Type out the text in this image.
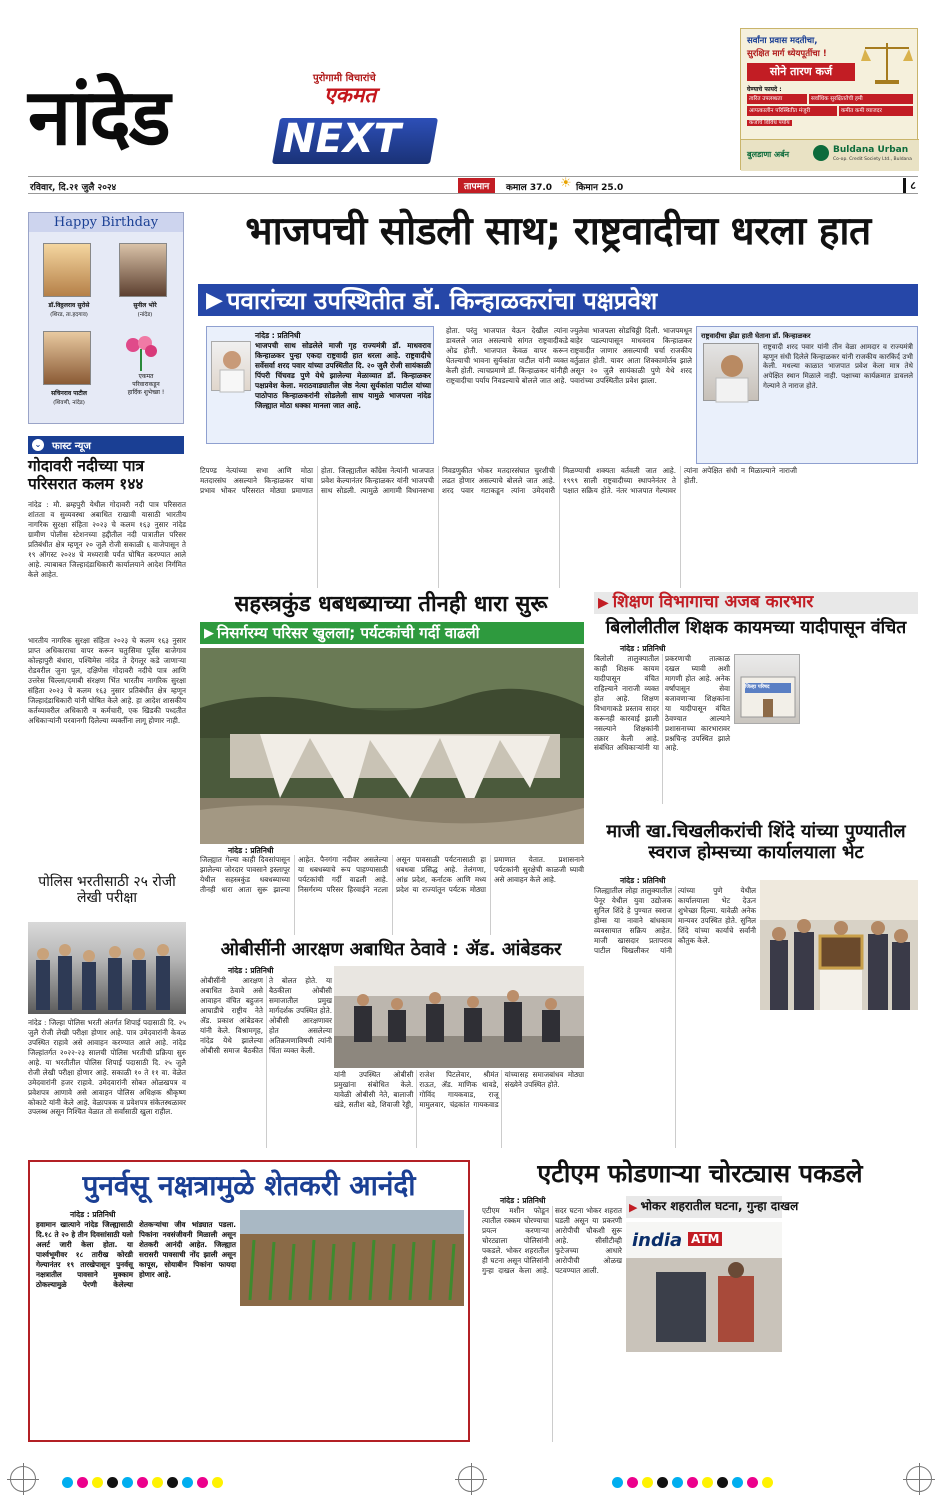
नांदेड	NEXT
पुरोगामी विचारांचे
एकमत
सर्वांना प्रवास मदतीचा,
सुरक्षित मार्ग ध्येयपूर्तीचा !
सोने तारण कर्ज
घेण्याचे फायदे :
त्वरित उपलब्धता	सर्वाधिक सुरक्षिततेची हमी
आपत्कालीन परिस्थितीत मंजुरी	कमीत कमी व्याजदर
कर्जाचे विविध पर्याय
बुलडाणा अर्बन	Buldana Urban
Co-op. Credit Society Ltd., Buldana
रविवार, दि.२१ जुलै २०२४	तापमान	कमाल 37.0 ☀ किमान 25.0	८
Happy Birthday
डॉ.विठ्ठलराव सुरोसे
(शिरड, ता.हदगाव)
सुनील भोरे
(नांदेड)
सचिनराव पाटील
(शिवणी, नांदेड)
एकमत
परिवाराकडून
हार्दिक शुभेच्छा !
⌄ फास्ट न्यूज
गोदावरी नदीच्या पात्र परिसरात कलम १४४
नांदेड : मौ. ब्रम्हपुरी येथील गोदावरी नदी पात्र परिसरात शांतता व सुव्यवस्था अबाधित राखावी यासाठी भारतीय नागरिक सुरक्षा संहिता २०२३ चे कलम १६३ नुसार नांदेड ग्रामीण पोलीस स्टेशनच्या हद्दीतील नदी पात्रातील परिसर प्रतिबंधीत क्षेत्र म्हणून २० जुलै रोजी सकाळी ६ वाजेपासून ते १९ ऑगस्ट २०२४ चे मध्यरात्री पर्यंत घोषित करण्यात आले आहे. त्याबाबत जिल्हादंडाधिकारी कार्यालयाने आदेश निर्गमित केले आहेत.
भारतीय नागरिक सुरक्षा संहिता २०२३ चे कलम १६३ नुसार प्राप्त अधिकाराचा वापर करून चतुःसिमा पूर्वेस बाजेगाव कोल्हापुरी बंधारा, पश्चिमेस नांदेड ते देगलूर कडे जाणाऱ्या रोडवरील जुना पूल, दक्षिणेस गोदावरी नदीचे पात्र आणि उत्तरेस चिल्ला/दमाबी संरक्षण भिंत भारतीय नागरिक सुरक्षा संहिता २०२३ चे कलम १६३ नुसार प्रतिबंधीत क्षेत्र म्हणून जिल्हादंडाधिकारी यांनी घोषित केले आहे. हा आदेश शासकीय कर्तव्यावरील अधिकारी व कर्मचारी, एक खिडकी पध्दतीत अधिकाऱ्यांनी परवानगी दिलेल्या व्यक्तींना लागू होणार नाही.
पोलिस भरतीसाठी २५ रोजी लेखी परीक्षा
नांदेड : जिल्हा पोलिस भरती अंतर्गत शिपाई पदासाठी दि. २५ जुलै रोजी लेखी परीक्षा होणार आहे. पात्र उमेदवारांनी केवळ उपस्थित राहावे असे आवाहन करण्यात आले आहे. नांदेड जिल्हांतर्गत २०२२-२३ सालची पोलिस भरतीची प्रक्रिया सुरु आहे. या भरतीतील पोलिस शिपाई पदासाठी दि. २५ जुलै रोजी लेखी परीक्षा होणार आहे. सकाळी १० ते ११ वा. वेळेत उमेदवारांनी हजर राहावे. उमेदवारांनी सोबत ओळखपत्र व प्रवेशपत्र आणावे असे आवाहन पोलिस अधिक्षक श्रीकृष्ण कोकाटे यांनी केले आहे. वेळापत्रक व प्रवेशपत्र संकेतस्थळावर उपलब्ध असून निश्चित वेळात तो सर्वांसाठी खुला राहील.
भाजपची सोडली साथ; राष्ट्रवादीचा धरला हात
▶ पवारांच्या उपस्थितीत डॉ. किन्हाळकरांचा पक्षप्रवेश
नांदेड : प्रतिनिधी
भाजपची साथ सोडलेले माजी गृह राज्यमंत्री डॉ. माधवराव किन्हाळकर पुन्हा एकदा राष्ट्रवादी हात धरला आहे. राष्ट्रवादीचे सर्वेसर्वा शरद पवार यांच्या उपस्थितीत दि. २० जुलै रोजी सायंकाळी पिंपरी चिंचवड पुणे येथे झालेल्या मेळाव्यात डॉ. किन्हाळकर पक्षप्रवेश केला. मराठवाड्यातील जेष्ठ नेत्या सुर्यकांता पाटील यांच्या पाठोपाठ किन्हाळकरांनी सोडलेली साथ यामुळे भाजपला नांदेड जिल्ह्यात मोठा धक्का मानला जात आहे.
होता. परंतु भाजपात येऊन देखील त्यांना डावलले जात असल्याचे सांगत राष्ट्रवादीकडे ओढ होती. भाजपात केवळ वापर करून घेतल्याची भावना सुर्यकांता पाटील यांनी व्यक्त केली होती. त्याचप्रमाणे डॉ. किन्हाळकर यांनीही राष्ट्रवादीचा पर्याय निवडल्याचे बोलले जात आहे.
ज्युलेवा भाजपला सोडचिठ्ठी दिली. भाजपमधून बाहेर पडल्यापासून माधवराव किन्हाळकर राष्ट्रवादीत जाणार असल्याची चर्चा राजकीय वर्तुळात होती. यावर आता शिक्कामोर्तब झाले असून २० जुलै सायंकाळी पुणे येथे शरद पवारांच्या उपस्थितीत प्रवेश झाला.
राष्ट्रवादीचा झेंडा हाती घेताना डॉ. किन्हाळकर
राष्ट्रवादी शरद पवार यांनी तीन वेळा आमदार व राज्यमंत्री म्हणून संधी दिलेले किन्हाळकर यांनी राजकीय कारकिर्द उभी केली. मधल्या काळात भाजपात प्रवेश केला मात्र तेथे अपेक्षित स्थान मिळाले नाही. पक्षाच्या कार्यक्रमात डावलले गेल्याने ते नाराज होते.
टिपण्ड नेत्यांच्या सभा आणि मोठा मतदारसंघ असल्याने किन्हाळकर यांचा प्रभाव भोकर परिसरात मोठ्या प्रमाणात होता. जिल्ह्यातील काँग्रेस नेत्यांनी भाजपात प्रवेश केल्यानंतर किन्हाळकर यांनी भाजपची साथ सोडली. त्यामुळे आगामी विधानसभा निवडणुकीत भोकर मतदारसंघात चुरशीची लढत होणार असल्याचे बोलले जात आहे. शरद पवार गटाकडून त्यांना उमेदवारी मिळण्याची शक्यता वर्तवली जात आहे. १९९९ साली राष्ट्रवादीच्या स्थापनेनंतर ते पक्षात सक्रिय होते. नंतर भाजपात गेल्यावर त्यांना अपेक्षित संधी न मिळाल्याने नाराजी होती.
सहस्त्रकुंड धबधब्याच्या तीनही धारा सुरू
▶ निसर्गरम्य परिसर खुलला; पर्यटकांची गर्दी वाढली
नांदेड : प्रतिनिधी
जिल्ह्यात गेल्या काही दिवसांपासून झालेल्या जोरदार पावसाने इस्लापूर येथील सहस्त्रकुंड धबधब्याच्या तीनही धारा आता सुरू झाल्या आहेत. पैनगंगा नदीवर असलेल्या या धबधब्याचे रूप पाहण्यासाठी पर्यटकांची गर्दी वाढली आहे. निसर्गरम्य परिसर हिरवाईने नटला असून पावसाळी पर्यटनासाठी हा धबधबा प्रसिद्ध आहे. तेलंगणा, आंध्र प्रदेश, कर्नाटक आणि मध्य प्रदेश या राज्यांतून पर्यटक मोठ्या प्रमाणात येतात. प्रशासनाने पर्यटकांनी सुरक्षेची काळजी घ्यावी असे आवाहन केले आहे.
ओबीसींनी आरक्षण अबाधित ठेवावे : ॲड. आंबेडकर
नांदेड : प्रतिनिधी
ओबीसींनी आरक्षण अबाधित ठेवावे असे आवाहन वंचित बहुजन आघाडीचे राष्ट्रीय नेते ॲड. प्रकाश आंबेडकर यांनी केले. विश्रामगृह, नांदेड येथे झालेल्या ओबीसी समाज बैठकीत ते बोलत होते. या बैठकीला ओबीसी समाजातील प्रमुख मार्गदर्शक उपस्थित होते. ओबीसी आरक्षणावर होत असलेल्या अतिक्रमणाविषयी त्यांनी चिंता व्यक्त केली.
यांनी उपस्थित ओबीसी प्रमुखांना संबोधित केले. यावेळी ओबीसी नेते, बालाजी खंडे, सतीश बडे, शिवाजी रेड्डी, राजेश पिटलेवार, श्रीमंत राऊत, ॲड. माणिक थावडे, गोविंद गायकवाड, राजू मामुलवार, चंद्रकांत गायकवाड यांच्यासह समाजबांधव मोठ्या संख्येने उपस्थित होते.
▶ शिक्षण विभागाचा अजब कारभार
बिलोलीतील शिक्षक कायमच्या यादीपासून वंचित
नांदेड : प्रतिनिधी
बिलोली तालुक्यातील काही शिक्षक कायम यादीपासून वंचित राहिल्याने नाराजी व्यक्त होत आहे. शिक्षण विभागाकडे प्रस्ताव सादर करूनही कारवाई झाली नसल्याने शिक्षकांनी तक्रार केली आहे. संबंधित अधिकाऱ्यांनी या प्रकरणाची तात्काळ दखल घ्यावी अशी मागणी होत आहे. अनेक वर्षांपासून सेवा बजावणाऱ्या शिक्षकांना या यादीपासून वंचित ठेवण्यात आल्याने प्रशासनाच्या कारभारावर प्रश्नचिन्ह उपस्थित झाले आहे.
जिल्हा परिषद
माजी खा.चिखलीकरांची शिंदे यांच्या पुण्यातील स्वराज होम्सच्या कार्यालयाला भेट
नांदेड : प्रतिनिधी
जिल्ह्यातील लोहा तालुक्यातील पेनूर येथील युवा उद्योजक सुनिल शिंदे हे पुण्यात स्वराज होम्स या नावाने बांधकाम व्यवसायात सक्रिय आहेत. माजी खासदार प्रतापराव पाटील चिखलीकर यांनी त्यांच्या पुणे येथील कार्यालयाला भेट देऊन शुभेच्छा दिल्या. यावेळी अनेक मान्यवर उपस्थित होते. सुनिल शिंदे यांच्या कार्याचे सर्वांनी कौतुक केले.
पुनर्वसू नक्षत्रामुळे शेतकरी आनंदी
नांदेड : प्रतिनिधी
हवामान खात्याने नांदेड जिल्ह्यासाठी दि.१८ ते २० हे तीन दिवसांसाठी यलो अलर्ट जारी केला होता. या पार्श्वभूमीवर १८ तारीख कोरडी गेल्यानंतर १९ तारखेपासून पुनर्वसू नक्षत्रातील पावसाने मुक्काम ठोकल्यामुळे पेरणी केलेल्या शेतकऱ्यांचा जीव भांड्यात पडला. पिकांना नवसंजीवनी मिळाली असून शेतकरी आनंदी आहेत. जिल्ह्यात सरासरी पावसाची नोंद झाली असून कापूस, सोयाबीन पिकांना फायदा होणार आहे.
एटीएम फोडणाऱ्या चोरट्यास पकडले
नांदेड : प्रतिनिधी
एटीएम मशीन फोडून त्यातील रक्कम चोरण्याचा प्रयत्न करणाऱ्या चोरट्याला पोलिसांनी पकडले. भोकर शहरातील ही घटना असून पोलिसांनी गुन्हा दाखल केला आहे. सदर घटना भोकर शहरात घडली असून या प्रकरणी आरोपीची चौकशी सुरू आहे. सीसीटीव्ही फुटेजच्या आधारे आरोपीची ओळख पटवण्यात आली.
▶ भोकर शहरातील घटना, गुन्हा दाखल
india ATM
